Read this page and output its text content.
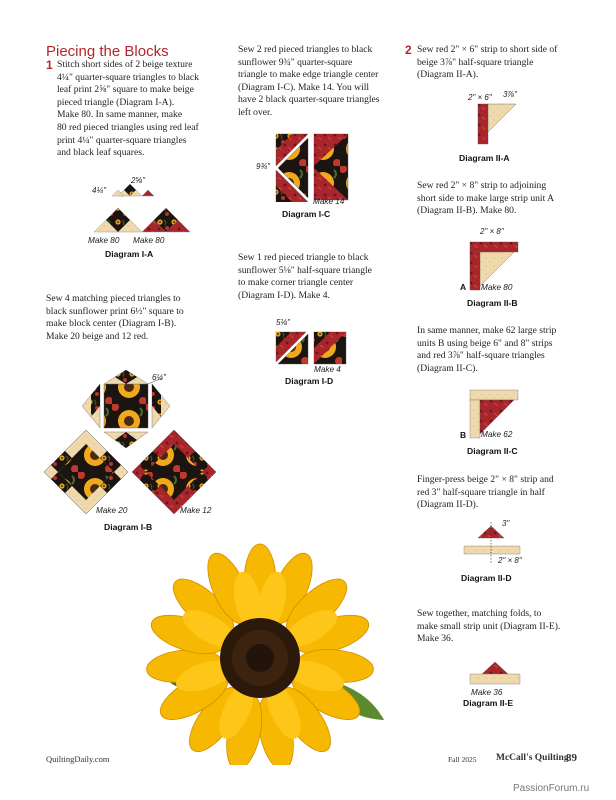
Piecing the Blocks
1 Stitch short sides of 2 beige texture
4¼" quarter-square triangles to black
leaf print 2⅝" square to make beige
pieced triangle (Diagram I-A).
Make 80. In same manner, make
80 red pieced triangles using red leaf
print 4¼" quarter-square triangles
and black leaf squares.
4¼"
2⅝"
Make 80 Make 80
Diagram I-A
Sew 4 matching pieced triangles to
black sunflower print 6½" square to
make block center (Diagram I-B).
Make 20 beige and 12 red.
6½"
Make 20	Make 12
Diagram I-B
Sew 2 red pieced triangles to black
sunflower 9¾" quarter-square
triangle to make edge triangle center
(Diagram I-C). Make 14. You will
have 2 black quarter-square triangles
left over.
9¾"
Make 14
Diagram I-C
Sew 1 red pieced triangle to black
sunflower 5⅛" half-square triangle
to make corner triangle center
(Diagram I-D). Make 4.
5⅛"
Make 4
Diagram I-D
2 Sew red 2" × 6" strip to short side of
beige 3⅞" half-square triangle
(Diagram II-A).
2" × 6" 3⅞"
Diagram II-A
Sew red 2" × 8" strip to adjoining
short side to make large strip unit A
(Diagram II-B). Make 80.
2" × 8"
A Make 80
Diagram II-B
In same manner, make 62 large strip
units B using beige 6" and 8" strips
and red 3⅞" half-square triangles
(Diagram II-C).
B Make 62
Diagram II-C
Finger-press beige 2" × 8" strip and
red 3" half-square triangle in half
(Diagram II-D).
3"
2" × 8"
Diagram II-D
Sew together, matching folds, to
make small strip unit (Diagram II-E).
Make 36.
Make 36
Diagram II-E
QuiltingDaily.com	Fall 2025 McCall's Quilting
89
PassionForum.ru
